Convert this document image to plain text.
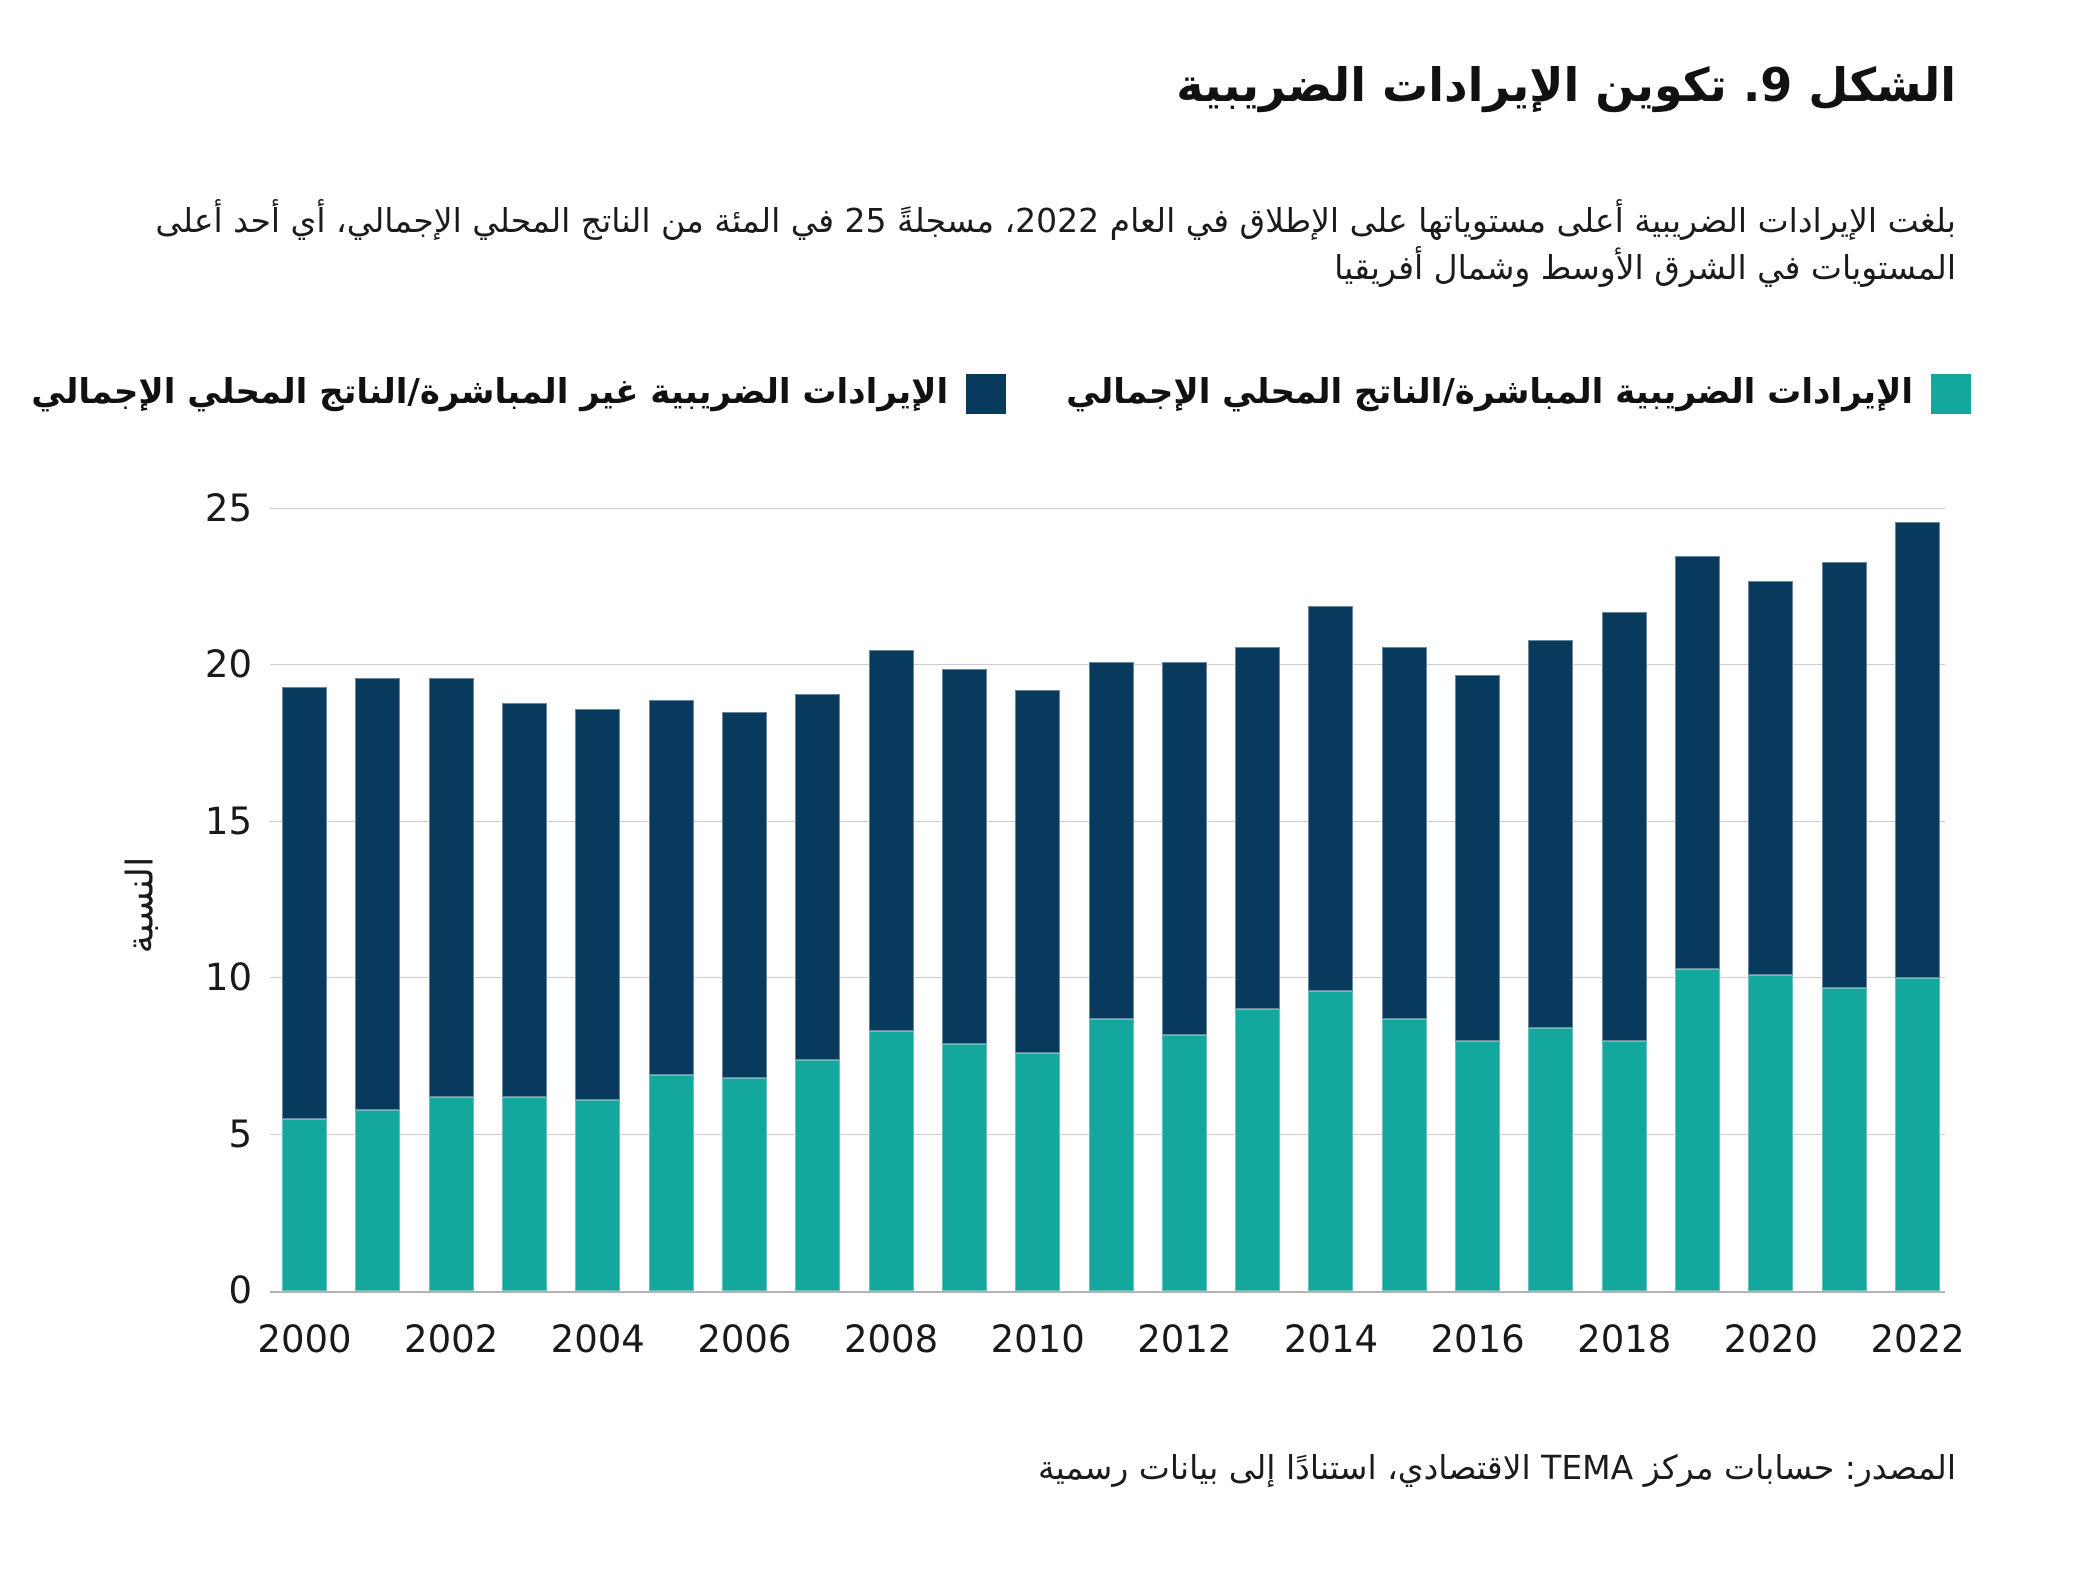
الشكل 9. تكوين الإيرادات الضريبية
بلغت الإيرادات الضريبية أعلى مستوياتها على الإطلاق في العام 2022، مسجلةً 25 في المئة من الناتج المحلي الإجمالي، أي أحد أعلى المستويات في الشرق الأوسط وشمال أفريقيا
الإيرادات الضريبية المباشرة/الناتج المحلي الإجمالي
الإيرادات الضريبية غير المباشرة/الناتج المحلي الإجمالي
النسبة
0
5
10
15
20
25
2000	2002	2004	2006	2008	2010	2012	2014	2016	2018	2020	2022
المصدر: حسابات مركز TEMA الاقتصادي، استنادًا إلى بيانات رسمية
